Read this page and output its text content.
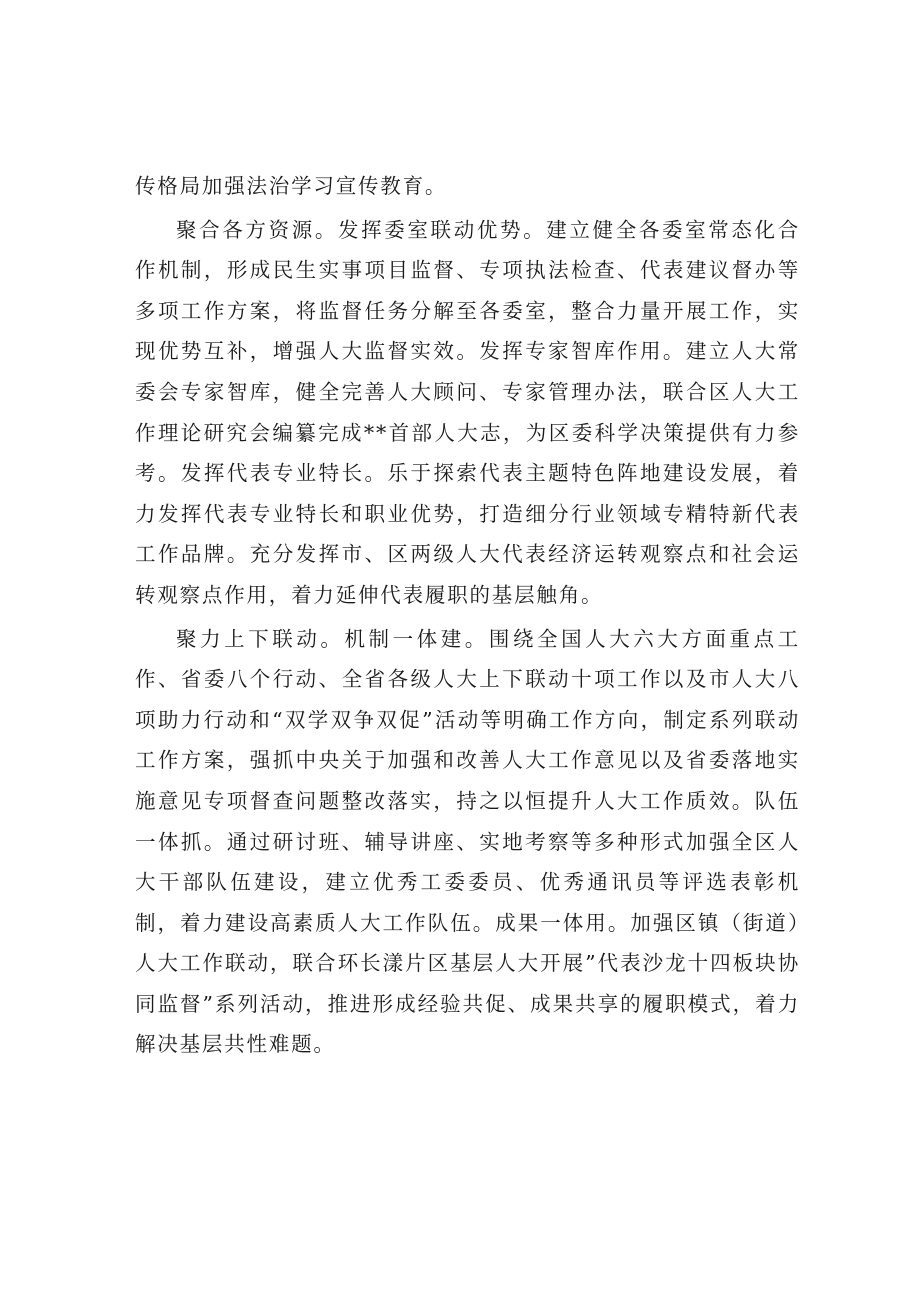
传格局加强法治学习宣传教育。

聚合各方资源。发挥委室联动优势。建立健全各委室常态化合作机制，形成民生实事项目监督、专项执法检查、代表建议督办等多项工作方案，将监督任务分解至各委室，整合力量开展工作，实现优势互补，增强人大监督实效。发挥专家智库作用。建立人大常委会专家智库，健全完善人大顾问、专家管理办法，联合区人大工作理论研究会编纂完成**首部人大志，为区委科学决策提供有力参考。发挥代表专业特长。乐于探索代表主题特色阵地建设发展，着力发挥代表专业特长和职业优势，打造细分行业领域专精特新代表工作品牌。充分发挥市、区两级人大代表经济运转观察点和社会运转观察点作用，着力延伸代表履职的基层触角。

聚力上下联动。机制一体建。围绕全国人大六大方面重点工作、省委八个行动、全省各级人大上下联动十项工作以及市人大八项助力行动和“双学双争双促”活动等明确工作方向，制定系列联动工作方案，强抓中央关于加强和改善人大工作意见以及省委落地实施意见专项督查问题整改落实，持之以恒提升人大工作质效。队伍一体抓。通过研讨班、辅导讲座、实地考察等多种形式加强全区人大干部队伍建设，建立优秀工委委员、优秀通讯员等评选表彰机制，着力建设高素质人大工作队伍。成果一体用。加强区镇（街道）人大工作联动，联合环长漾片区基层人大开展”代表沙龙十四板块协同监督”系列活动，推进形成经验共促、成果共享的履职模式，着力解决基层共性难题。
